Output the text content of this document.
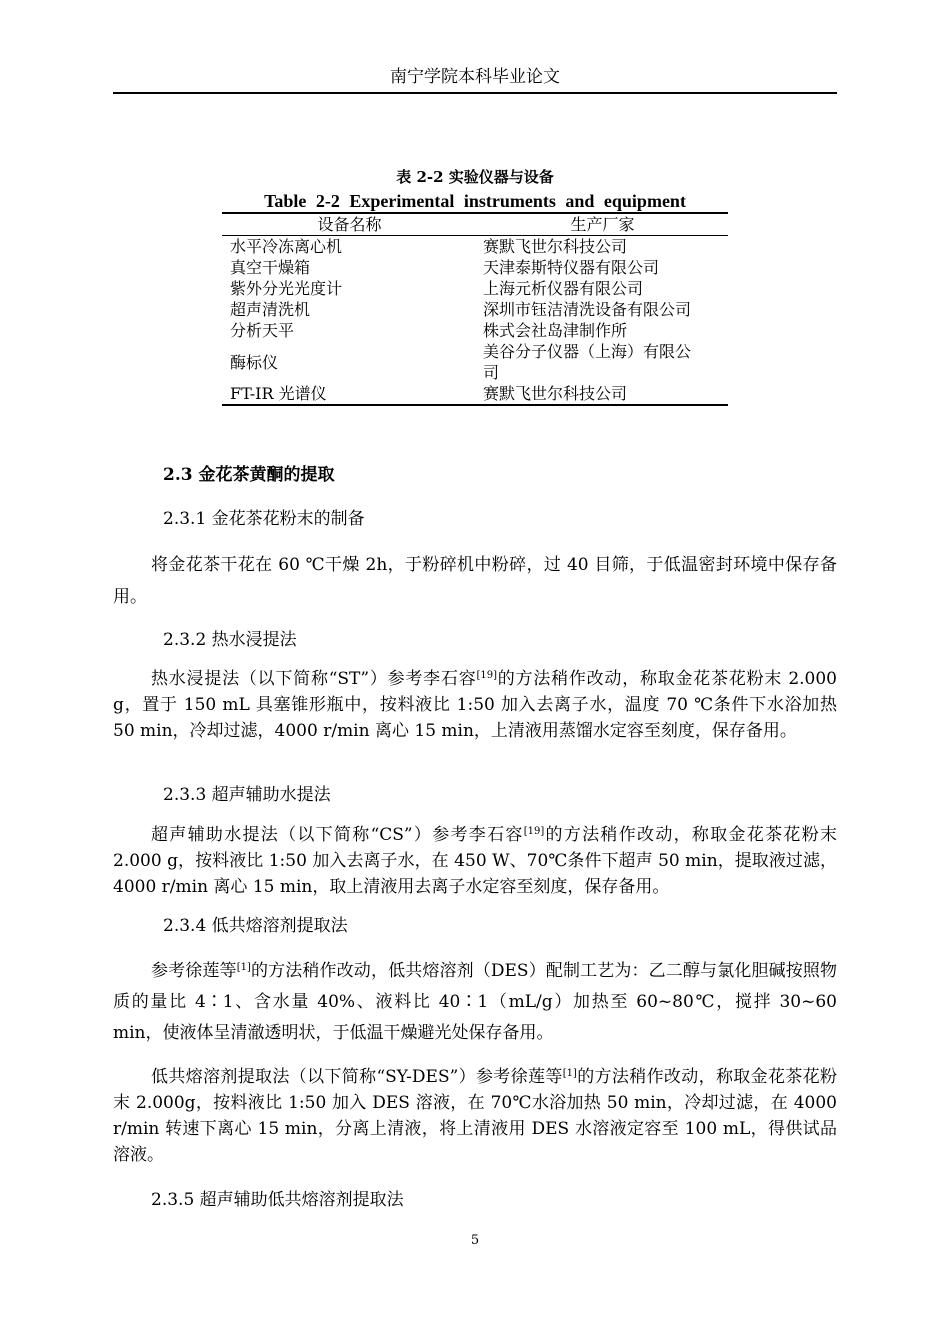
南宁学院本科毕业论文
表 2-2 实验仪器与设备
Table 2-2 Experimental instruments and equipment
设备名称	生产厂家
水平冷冻离心机	赛默飞世尔科技公司
真空干燥箱	天津泰斯特仪器有限公司
紫外分光光度计	上海元析仪器有限公司
超声清洗机	深圳市钰洁清洗设备有限公司
分析天平	株式会社岛津制作所
酶标仪	美谷分子仪器（上海）有限公
司

FT-IR 光谱仪	赛默飞世尔科技公司
2.3 金花茶黄酮的提取
2.3.1 金花茶花粉末的制备
将金花茶干花在 60 ℃干燥 2h，于粉碎机中粉碎，过 40 目筛，于低温密封环境中保存备用。
2.3.2 热水浸提法
热水浸提法（以下简称“ST”）参考李石容[19]的方法稍作改动，称取金花茶花粉末 2.000 g，置于 150 mL 具塞锥形瓶中，按料液比 1:50 加入去离子水，温度 70 ℃条件下水浴加热 50 min，冷却过滤，4000 r/min 离心 15 min，上清液用蒸馏水定容至刻度，保存备用。
2.3.3 超声辅助水提法
超声辅助水提法（以下简称“CS”）参考李石容[19]的方法稍作改动，称取金花茶花粉末 2.000 g，按料液比 1:50 加入去离子水，在 450 W、70℃条件下超声 50 min，提取液过滤，4000 r/min 离心 15 min，取上清液用去离子水定容至刻度，保存备用。
2.3.4 低共熔溶剂提取法
参考徐莲等[1]的方法稍作改动，低共熔溶剂（DES）配制工艺为：乙二醇与氯化胆碱按照物质的量比 4∶1、含水量 40%、液料比 40∶1（mL/g）加热至 60~80℃，搅拌 30~60 min，使液体呈清澈透明状，于低温干燥避光处保存备用。
低共熔溶剂提取法（以下简称“SY-DES”）参考徐莲等[1]的方法稍作改动，称取金花茶花粉末 2.000g，按料液比 1:50 加入 DES 溶液，在 70℃水浴加热 50 min，冷却过滤，在 4000 r/min 转速下离心 15 min，分离上清液，将上清液用 DES 水溶液定容至 100 mL，得供试品溶液。
2.3.5 超声辅助低共熔溶剂提取法
5
